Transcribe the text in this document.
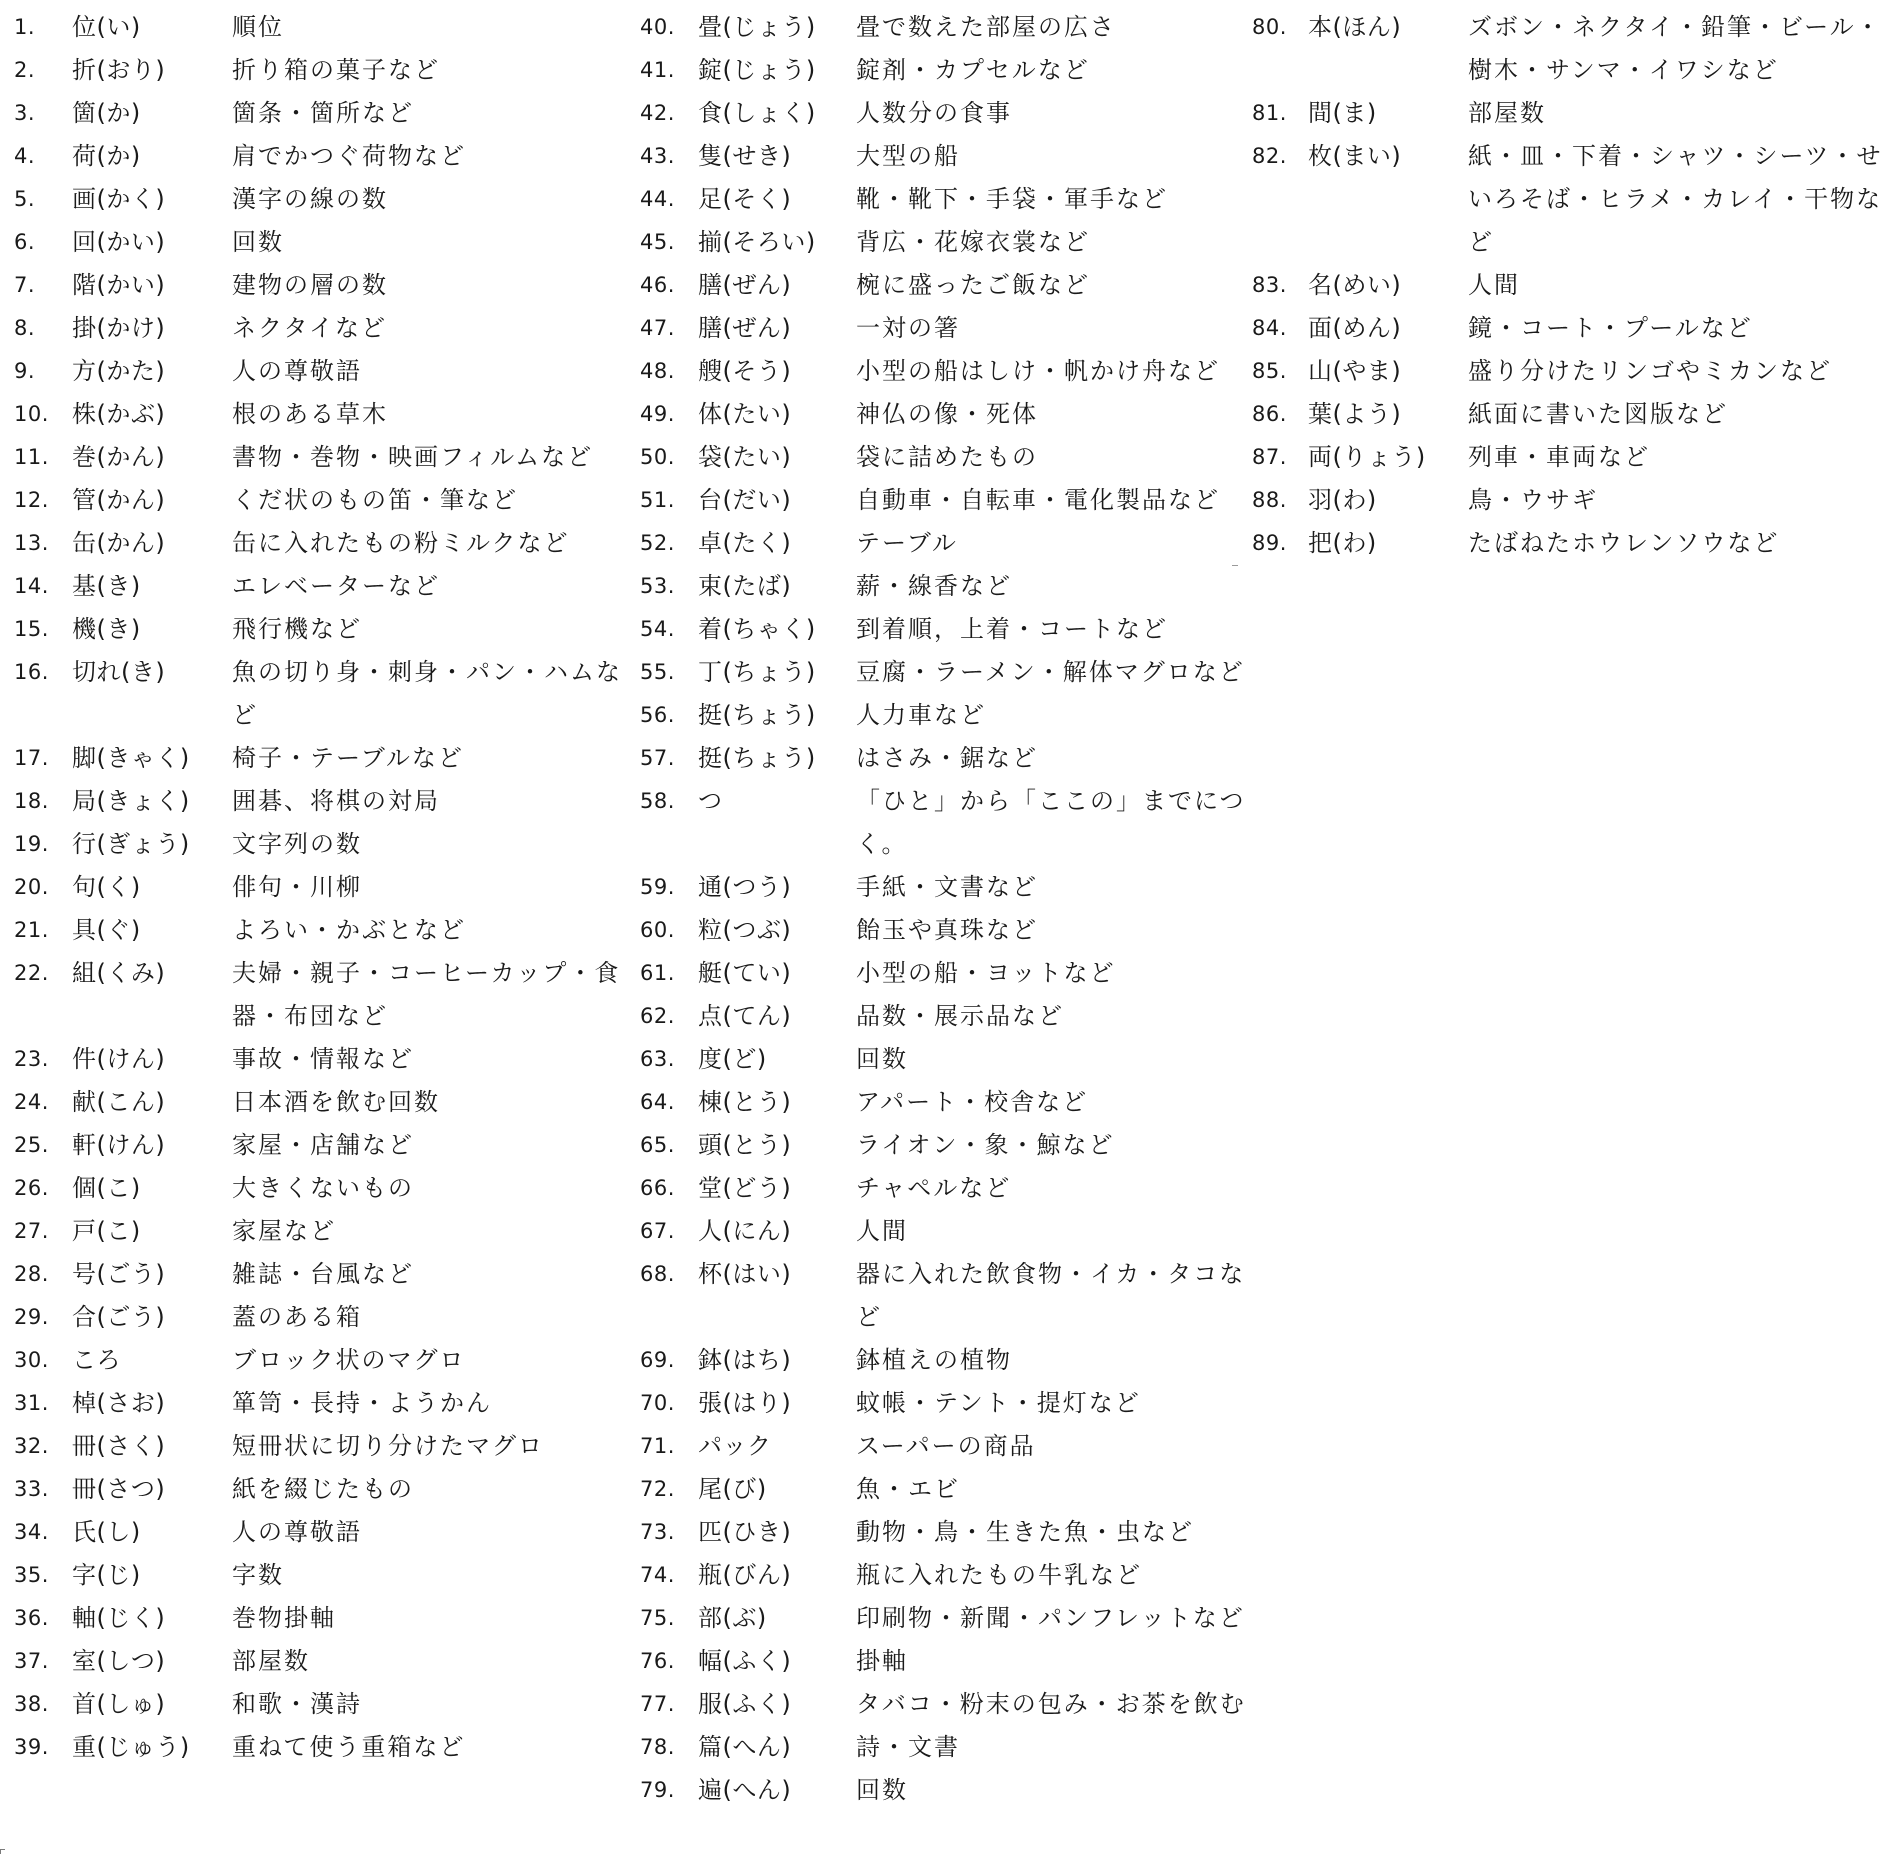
1.	位(い)	順位
2.	折(おり)	折り箱の菓子など
3.	箇(か)	箇条・箇所など
4.	荷(か)	肩でかつぐ荷物など
5.	画(かく)	漢字の線の数
6.	回(かい)	回数
7.	階(かい)	建物の層の数
8.	掛(かけ)	ネクタイなど
9.	方(かた)	人の尊敬語
10. 株(かぶ)	根のある草木
11. 巻(かん)	書物・巻物・映画フィルムなど
12. 管(かん)	くだ状のもの笛・筆など
13. 缶(かん)	缶に入れたもの粉ミルクなど
14. 基(き)	エレベーターなど
15. 機(き)	飛行機など
16. 切れ(き)	魚の切り身・刺身・パン・ハムなど
17. 脚(きゃく)	椅子・テーブルなど
18. 局(きょく)	囲碁、将棋の対局
19. 行(ぎょう)	文字列の数
20. 句(く)	俳句・川柳
21. 具(ぐ)	よろい・かぶとなど
22. 組(くみ)	夫婦・親子・コーヒーカップ・食器・布団など
23. 件(けん)	事故・情報など
24. 献(こん)	日本酒を飲む回数
25. 軒(けん)	家屋・店舗など
26. 個(こ)	大きくないもの
27. 戸(こ)	家屋など
28. 号(ごう)	雑誌・台風など
29. 合(ごう)	蓋のある箱
30. ころ	ブロック状のマグロ
31. 棹(さお)	箪笥・長持・ようかん
32. 冊(さく)	短冊状に切り分けたマグロ
33. 冊(さつ)	紙を綴じたもの
34. 氏(し)	人の尊敬語
35. 字(じ)	字数
36. 軸(じく)	巻物掛軸
37. 室(しつ)	部屋数
38. 首(しゅ)	和歌・漢詩
39. 重(じゅう)	重ねて使う重箱など
40. 畳(じょう)	畳で数えた部屋の広さ
41. 錠(じょう)	錠剤・カプセルなど
42. 食(しょく)	人数分の食事
43. 隻(せき)	大型の船
44. 足(そく)	靴・靴下・手袋・軍手など
45. 揃(そろい)	背広・花嫁衣裳など
46. 膳(ぜん)	椀に盛ったご飯など
47. 膳(ぜん)	一対の箸
48. 艘(そう)	小型の船はしけ・帆かけ舟など
49. 体(たい)	神仏の像・死体
50. 袋(たい)	袋に詰めたもの
51. 台(だい)	自動車・自転車・電化製品など
52. 卓(たく)	テーブル
53. 束(たば)	薪・線香など
54. 着(ちゃく)	到着順，上着・コートなど
55. 丁(ちょう)	豆腐・ラーメン・解体マグロなど
56. 挺(ちょう)	人力車など
57. 挺(ちょう)	はさみ・鋸など
58. つ	「ひと」から「ここの」までにつく。
59. 通(つう)	手紙・文書など
60. 粒(つぶ)	飴玉や真珠など
61. 艇(てい)	小型の船・ヨットなど
62. 点(てん)	品数・展示品など
63. 度(ど)	回数
64. 棟(とう)	アパート・校舎など
65. 頭(とう)	ライオン・象・鯨など
66. 堂(どう)	チャペルなど
67. 人(にん)	人間
68. 杯(はい)	器に入れた飲食物・イカ・タコなど
69. 鉢(はち)	鉢植えの植物
70. 張(はり)	蚊帳・テント・提灯など
71. パック	スーパーの商品
72. 尾(び)	魚・エビ
73. 匹(ひき)	動物・鳥・生きた魚・虫など
74. 瓶(びん)	瓶に入れたもの牛乳など
75. 部(ぶ)	印刷物・新聞・パンフレットなど
76. 幅(ふく)	掛軸
77. 服(ふく)	タバコ・粉末の包み・お茶を飲む
78. 篇(へん)	詩・文書
79. 遍(へん)	回数
80. 本(ほん)	ズボン・ネクタイ・鉛筆・ビール・樹木・サンマ・イワシなど
81. 間(ま)	部屋数
82. 枚(まい)	紙・皿・下着・シャツ・シーツ・せいろそば・ヒラメ・カレイ・干物など
83. 名(めい)	人間
84. 面(めん)	鏡・コート・プールなど
85. 山(やま)	盛り分けたリンゴやミカンなど
86. 葉(よう)	紙面に書いた図版など
87. 両(りょう)	列車・車両など
88. 羽(わ)	鳥・ウサギ
89. 把(わ)	たばねたホウレンソウなど
